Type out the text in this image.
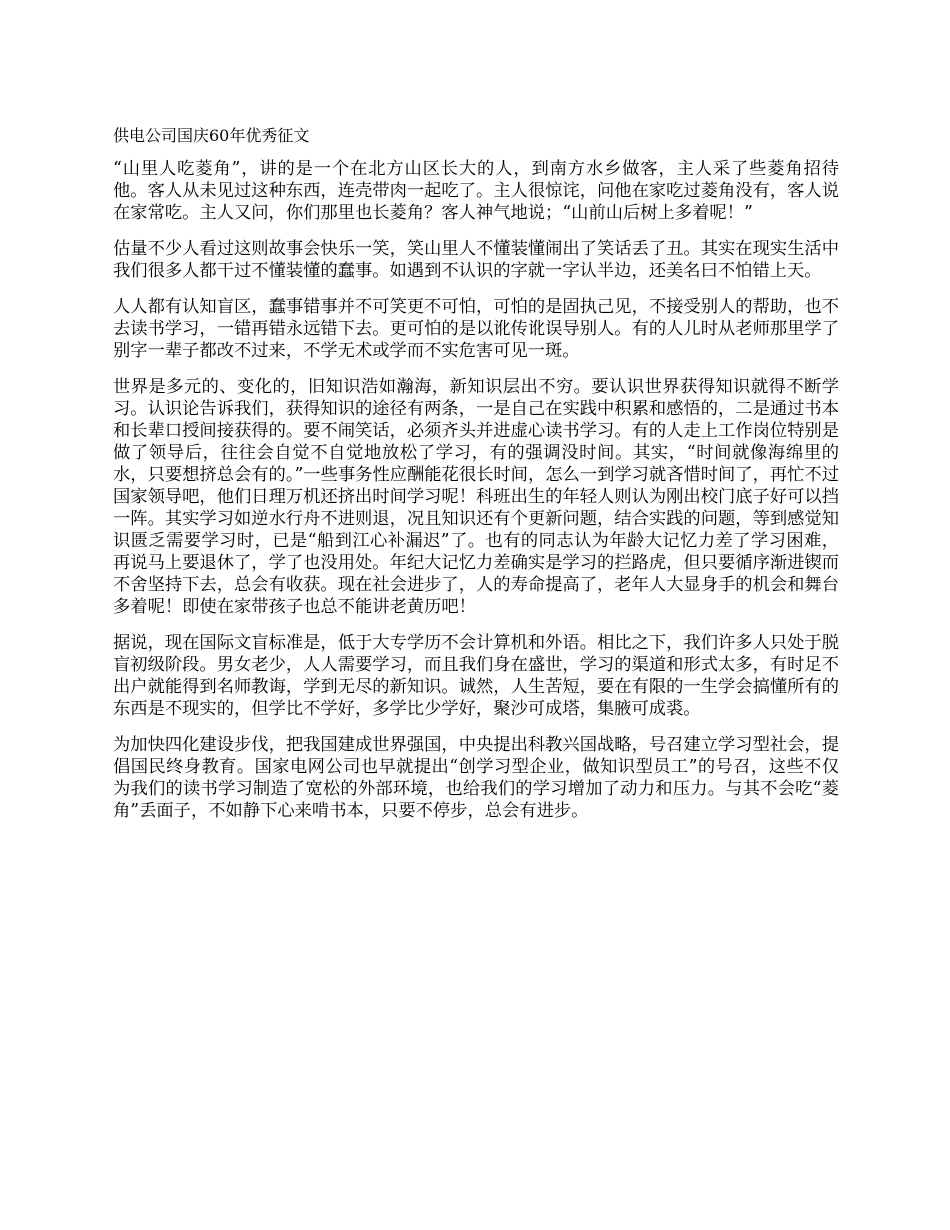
供电公司国庆60年优秀征文

“山里人吃菱角”，讲的是一个在北方山区长大的人，到南方水乡做客，主人采了些菱角招待他。客人从未见过这种东西，连壳带肉一起吃了。主人很惊诧，问他在家吃过菱角没有，客人说在家常吃。主人又问，你们那里也长菱角？客人神气地说；“山前山后树上多着呢！”

估量不少人看过这则故事会快乐一笑，笑山里人不懂装懂闹出了笑话丢了丑。其实在现实生活中我们很多人都干过不懂装懂的蠢事。如遇到不认识的字就一字认半边，还美名曰不怕错上天。

人人都有认知盲区，蠢事错事并不可笑更不可怕，可怕的是固执己见，不接受别人的帮助，也不去读书学习，一错再错永远错下去。更可怕的是以讹传讹误导别人。有的人儿时从老师那里学了别字一辈子都改不过来，不学无术或学而不实危害可见一斑。

世界是多元的、变化的，旧知识浩如瀚海，新知识层出不穷。要认识世界获得知识就得不断学习。认识论告诉我们，获得知识的途径有两条，一是自己在实践中积累和感悟的，二是通过书本和长辈口授间接获得的。要不闹笑话，必须齐头并进虚心读书学习。有的人走上工作岗位特别是做了领导后，往往会自觉不自觉地放松了学习，有的强调没时间。其实，“时间就像海绵里的水，只要想挤总会有的。”一些事务性应酬能花很长时间，怎么一到学习就吝惜时间了，再忙不过国家领导吧，他们日理万机还挤出时间学习呢！科班出生的年轻人则认为刚出校门底子好可以挡一阵。其实学习如逆水行舟不进则退，况且知识还有个更新问题，结合实践的问题，等到感觉知识匮乏需要学习时，已是“船到江心补漏迟”了。也有的同志认为年龄大记忆力差了学习困难，再说马上要退休了，学了也没用处。年纪大记忆力差确实是学习的拦路虎，但只要循序渐进锲而不舍坚持下去，总会有收获。现在社会进步了，人的寿命提高了，老年人大显身手的机会和舞台多着呢！即使在家带孩子也总不能讲老黄历吧！

据说，现在国际文盲标准是，低于大专学历不会计算机和外语。相比之下，我们许多人只处于脱盲初级阶段。男女老少，人人需要学习，而且我们身在盛世，学习的渠道和形式太多，有时足不出户就能得到名师教诲，学到无尽的新知识。诚然，人生苦短，要在有限的一生学会搞懂所有的东西是不现实的，但学比不学好，多学比少学好，聚沙可成塔，集腋可成裘。

为加快四化建设步伐，把我国建成世界强国，中央提出科教兴国战略，号召建立学习型社会，提倡国民终身教育。国家电网公司也早就提出“创学习型企业，做知识型员工”的号召，这些不仅为我们的读书学习制造了宽松的外部环境，也给我们的学习增加了动力和压力。与其不会吃“菱角”丢面子，不如静下心来啃书本，只要不停步，总会有进步。
